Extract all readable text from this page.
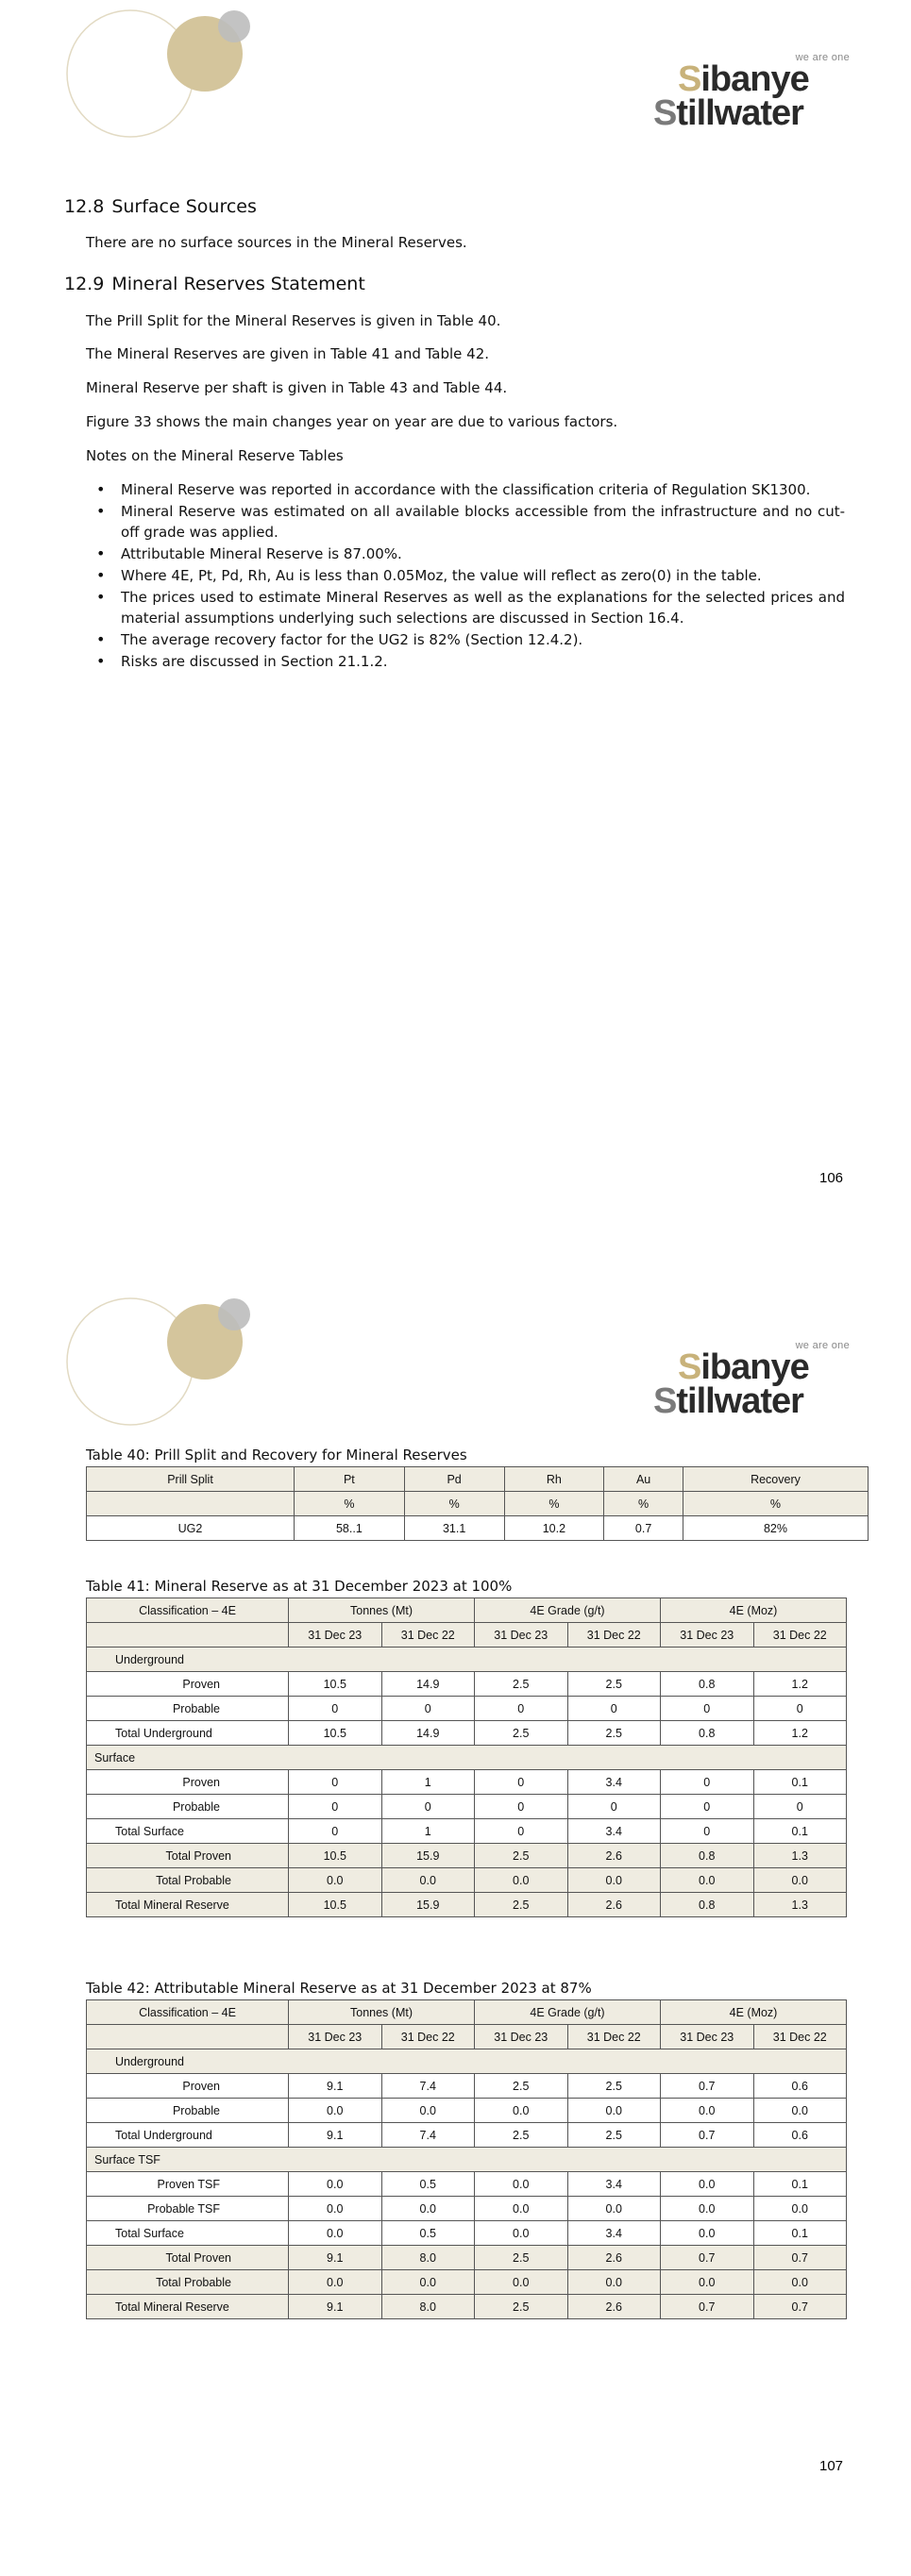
we are one
Sibanye
Stillwater
12.8 Surface Sources
There are no surface sources in the Mineral Reserves.
12.9 Mineral Reserves Statement
The Prill Split for the Mineral Reserves is given in Table 40.
The Mineral Reserves are given in Table 41 and Table 42.
Mineral Reserve per shaft is given in Table 43 and Table 44.
Figure 33 shows the main changes year on year are due to various factors.
Notes on the Mineral Reserve Tables
• Mineral Reserve was reported in accordance with the classification criteria of Regulation SK1300.
• Mineral Reserve was estimated on all available blocks accessible from the infrastructure and no cut-off grade was applied.
• Attributable Mineral Reserve is 87.00%.
• Where 4E, Pt, Pd, Rh, Au is less than 0.05Moz, the value will reflect as zero(0) in the table.
• The prices used to estimate Mineral Reserves as well as the explanations for the selected prices and material assumptions underlying such selections are discussed in Section 16.4.
• The average recovery factor for the UG2 is 82% (Section 12.4.2).
• Risks are discussed in Section 21.1.2.
106
we are one
Sibanye
Stillwater
107
Table 40: Prill Split and Recovery for Mineral Reserves
Prill Split	Pt	Pd	Rh	Au	Recovery
	%	%	%	%	%
UG2	58..1	31.1	10.2	0.7	82%
Table 41: Mineral Reserve as at 31 December 2023 at 100%
Classification – 4E	Tonnes (Mt)		4E Grade (g/t)		4E (Moz)	
	31 Dec 23	31 Dec 22	31 Dec 23	31 Dec 22	31 Dec 23	31 Dec 22
Underground						
Proven	10.5	14.9	2.5	2.5	0.8	1.2
Probable	0	0	0	0	0	0
Total Underground	10.5	14.9	2.5	2.5	0.8	1.2
Surface						
Proven	0	1	0	3.4	0	0.1
Probable	0	0	0	0	0	0
Total Surface	0	1	0	3.4	0	0.1
Total Proven	10.5	15.9	2.5	2.6	0.8	1.3
Total Probable	0.0	0.0	0.0	0.0	0.0	0.0
Total Mineral Reserve	10.5	15.9	2.5	2.6	0.8	1.3
Table 42: Attributable Mineral Reserve as at 31 December 2023 at 87%
Classification – 4E	Tonnes (Mt)		4E Grade (g/t)		4E (Moz)	
	31 Dec 23	31 Dec 22	31 Dec 23	31 Dec 22	31 Dec 23	31 Dec 22
Underground						
Proven	9.1	7.4	2.5	2.5	0.7	0.6
Probable	0.0	0.0	0.0	0.0	0.0	0.0
Total Underground	9.1	7.4	2.5	2.5	0.7	0.6
Surface TSF						
Proven TSF	0.0	0.5	0.0	3.4	0.0	0.1
Probable TSF	0.0	0.0	0.0	0.0	0.0	0.0
Total Surface	0.0	0.5	0.0	3.4	0.0	0.1
Total Proven	9.1	8.0	2.5	2.6	0.7	0.7
Total Probable	0.0	0.0	0.0	0.0	0.0	0.0
Total Mineral Reserve	9.1	8.0	2.5	2.6	0.7	0.7
